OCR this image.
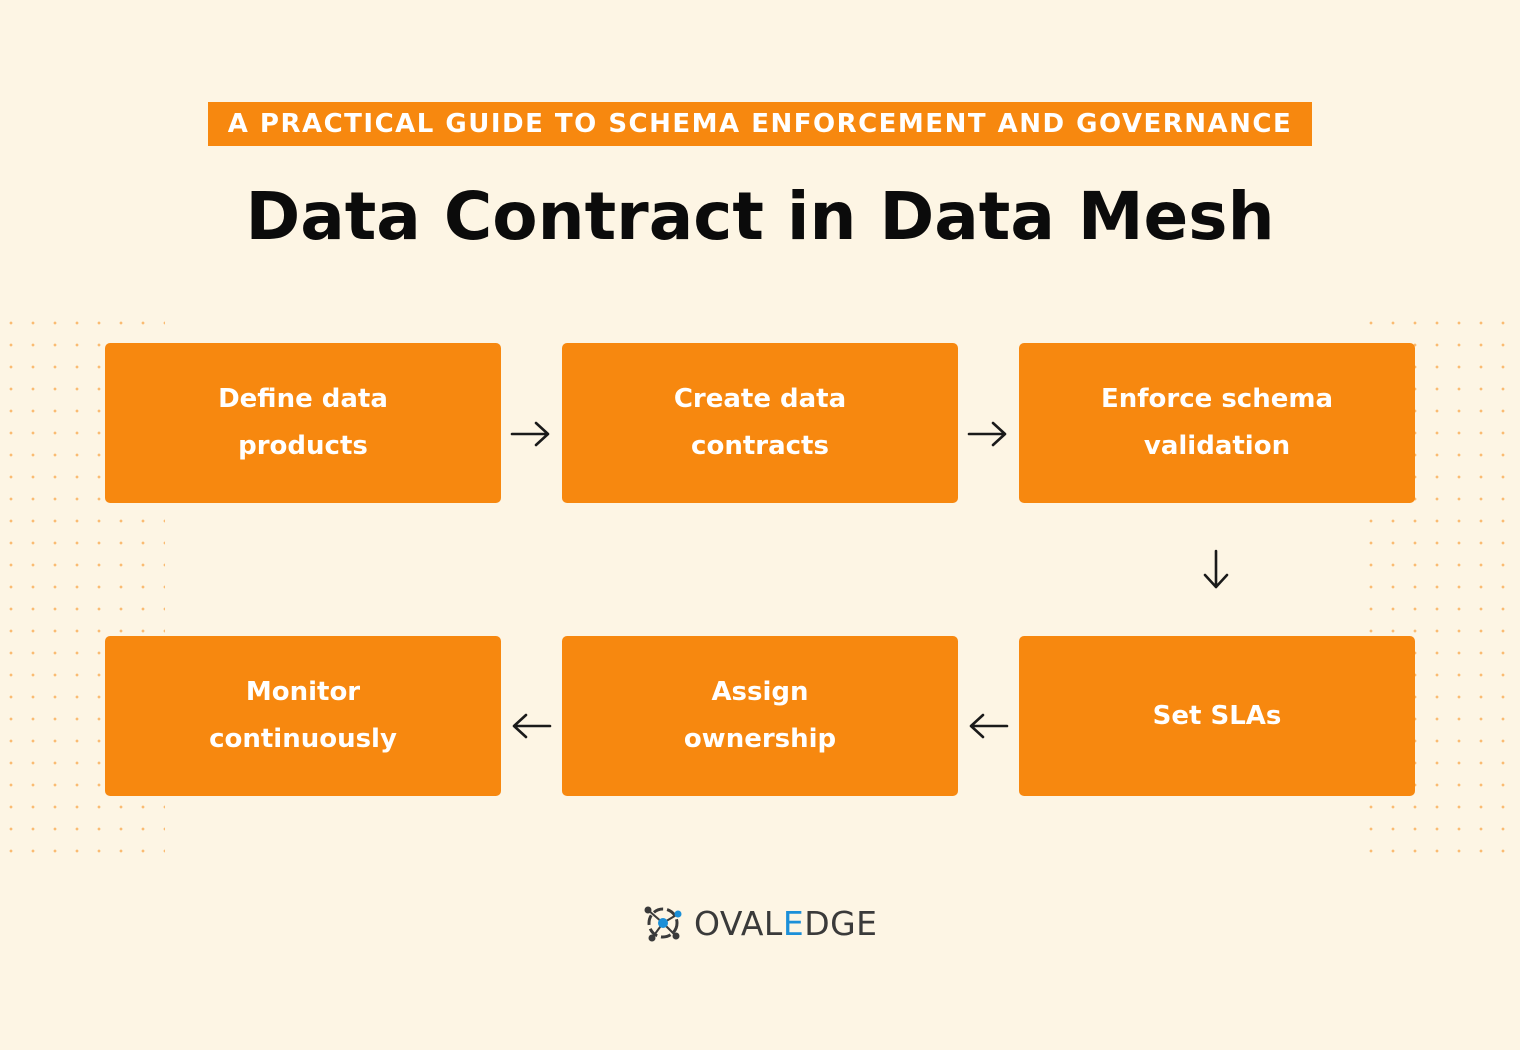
A PRACTICAL GUIDE TO SCHEMA ENFORCEMENT AND GOVERNANCE
Data Contract in Data Mesh
Define data products
Create data contracts
Enforce schema validation
Set SLAs
Assign ownership
Monitor continuously
OVALEDGE
